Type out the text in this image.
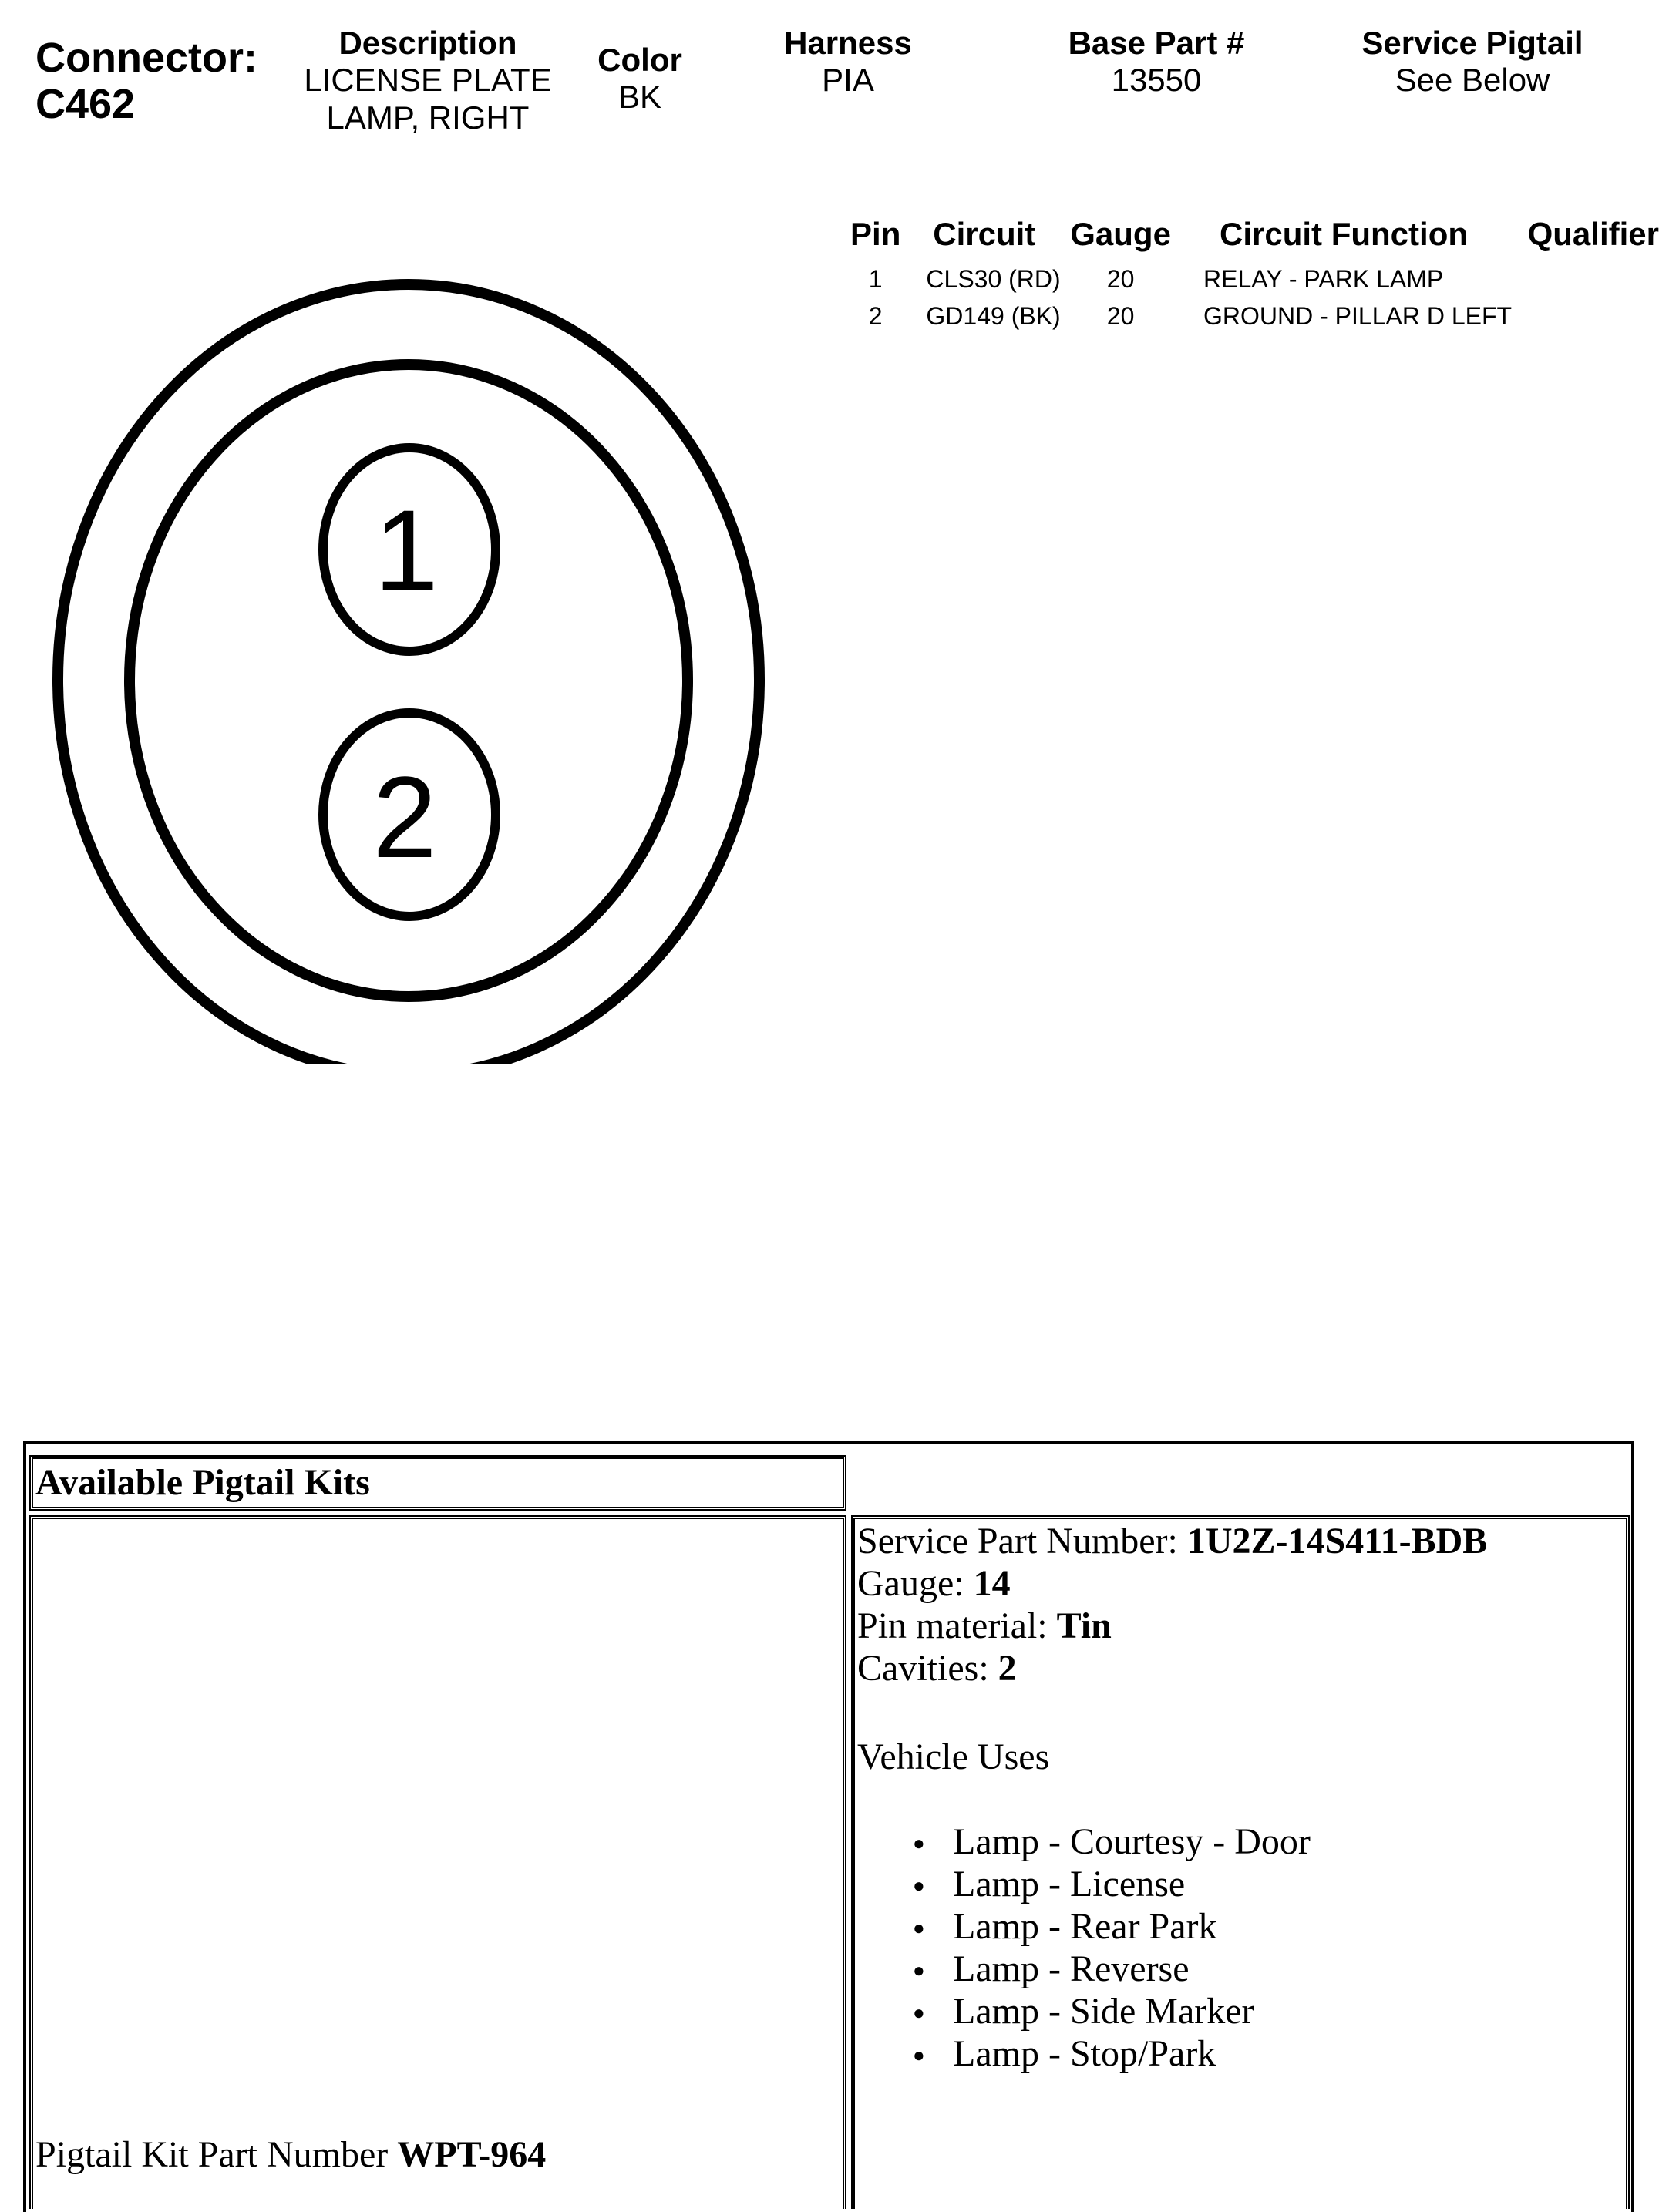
Connector:
C462
Description
LICENSE PLATE
LAMP, RIGHT
Color
BK
Harness
PIA
Base Part #
13550
Service Pigtail
See Below
Pin	Circuit	Gauge	Circuit Function	Qualifier
1	CLS30 (RD)	20	RELAY - PARK LAMP	
2	GD149 (BK)	20	GROUND - PILLAR D LEFT	
1
2
Available Pigtail Kits
Pigtail Kit Part Number WPT-964
Service Part Number: 1U2Z-14S411-BDB
Gauge: 14
Pin material: Tin
Cavities: 2
Vehicle Uses
● Lamp - Courtesy - Door
● Lamp - License
● Lamp - Rear Park
● Lamp - Reverse
● Lamp - Side Marker
● Lamp - Stop/Park
